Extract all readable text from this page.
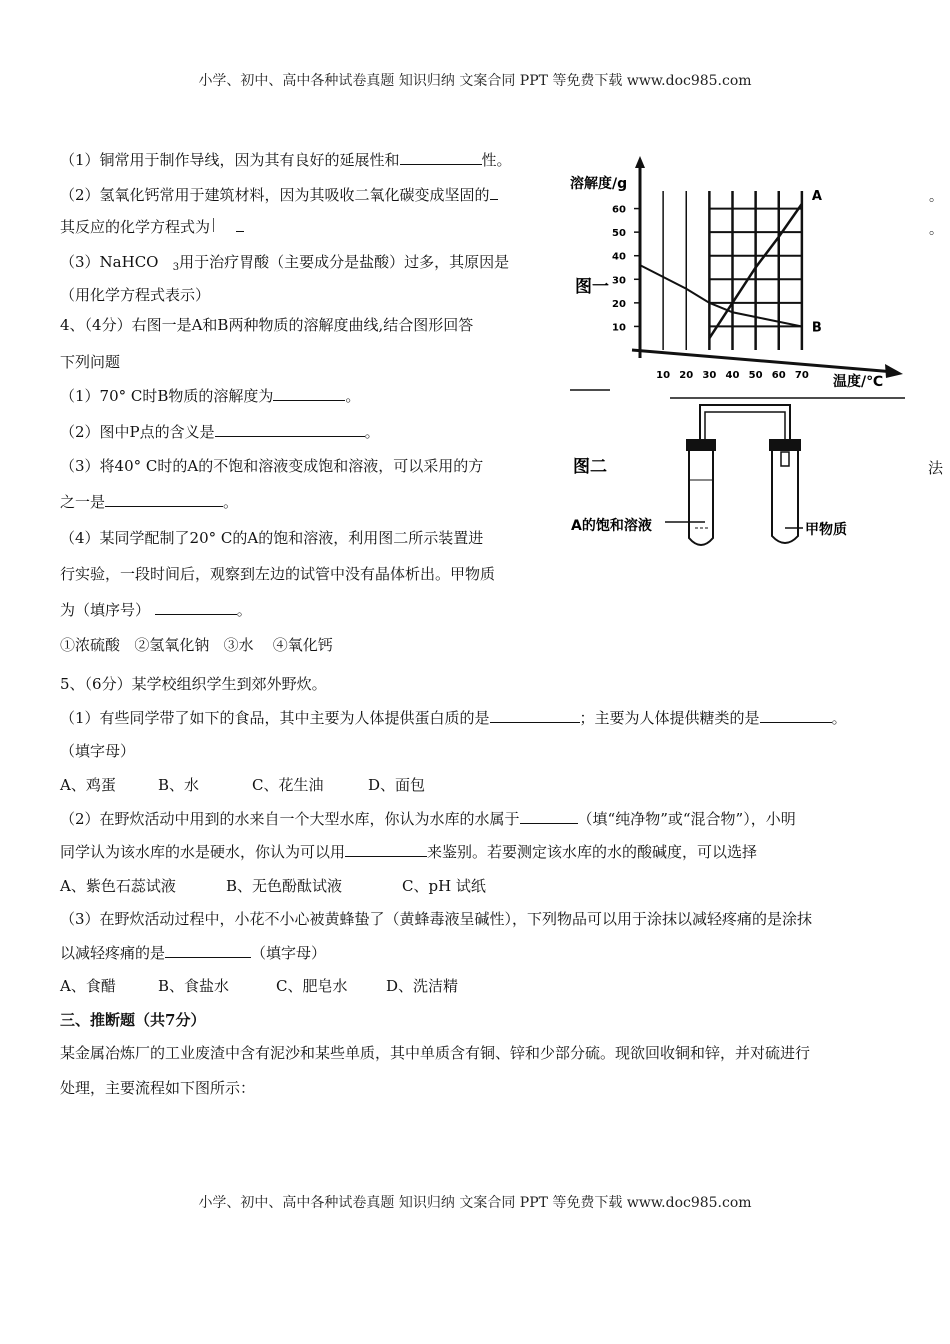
小学、初中、高中各种试卷真题 知识归纳 文案合同 PPT 等免费下载 www.doc985.com
小学、初中、高中各种试卷真题 知识归纳 文案合同 PPT 等免费下载 www.doc985.com
（1）铜常用于制作导线，因为其有良好的延展性和	性。
（2）氢氧化钙常用于建筑材料，因为其吸收二氧化碳变成坚固的	。
其反应的化学方程式为	。
（3）NaHCO $_3$用于治疗胃酸（主要成分是盐酸）过多，其原因是
（用化学方程式表示）
4、（4分）右图一是A和B两种物质的溶解度曲线,结合图形回答
下列问题
（1）70° C时B物质的溶解度为	。
（2）图中P点的含义是	。
（3）将40° C时的A的不饱和溶液变成饱和溶液，可以采用的方	法
之一是	。
（4）某同学配制了20° C的A的饱和溶液，利用图二所示装置进
行实验，一段时间后，观察到左边的试管中没有晶体析出。甲物质
为（填序号）	。
①浓硫酸 ②氢氧化钠 ③水 ④氧化钙
10
20
30
40
50
60
10 20 30 40 50 60 70
A
B
溶解度/g
温度/℃
图一
图二
A的饱和溶液	甲物质
5、（6分）某学校组织学生到郊外野炊。
（1）有些同学带了如下的食品，其中主要为人体提供蛋白质的是	；主要为人体提供糖类的是	。
（填字母）
A、鸡蛋	B、水	C、花生油	D、面包
（2）在野炊活动中用到的水来自一个大型水库，你认为水库的水属于	（填“纯净物”或“混合物”），小明
同学认为该水库的水是硬水，你认为可以用	来鉴别。若要测定该水库的水的酸碱度，可以选择
A、紫色石蕊试液	B、无色酚酞试液	C、pH 试纸
（3）在野炊活动过程中，小花不小心被黄蜂蛰了（黄蜂毒液呈碱性），下列物品可以用于涂抹以减轻疼痛的是涂抹
以减轻疼痛的是	（填字母）
A、食醋	B、食盐水	C、肥皂水	D、洗洁精
三、推断题（共7分）
某金属冶炼厂的工业废渣中含有泥沙和某些单质，其中单质含有铜、锌和少部分硫。现欲回收铜和锌，并对硫进行
处理，主要流程如下图所示：
